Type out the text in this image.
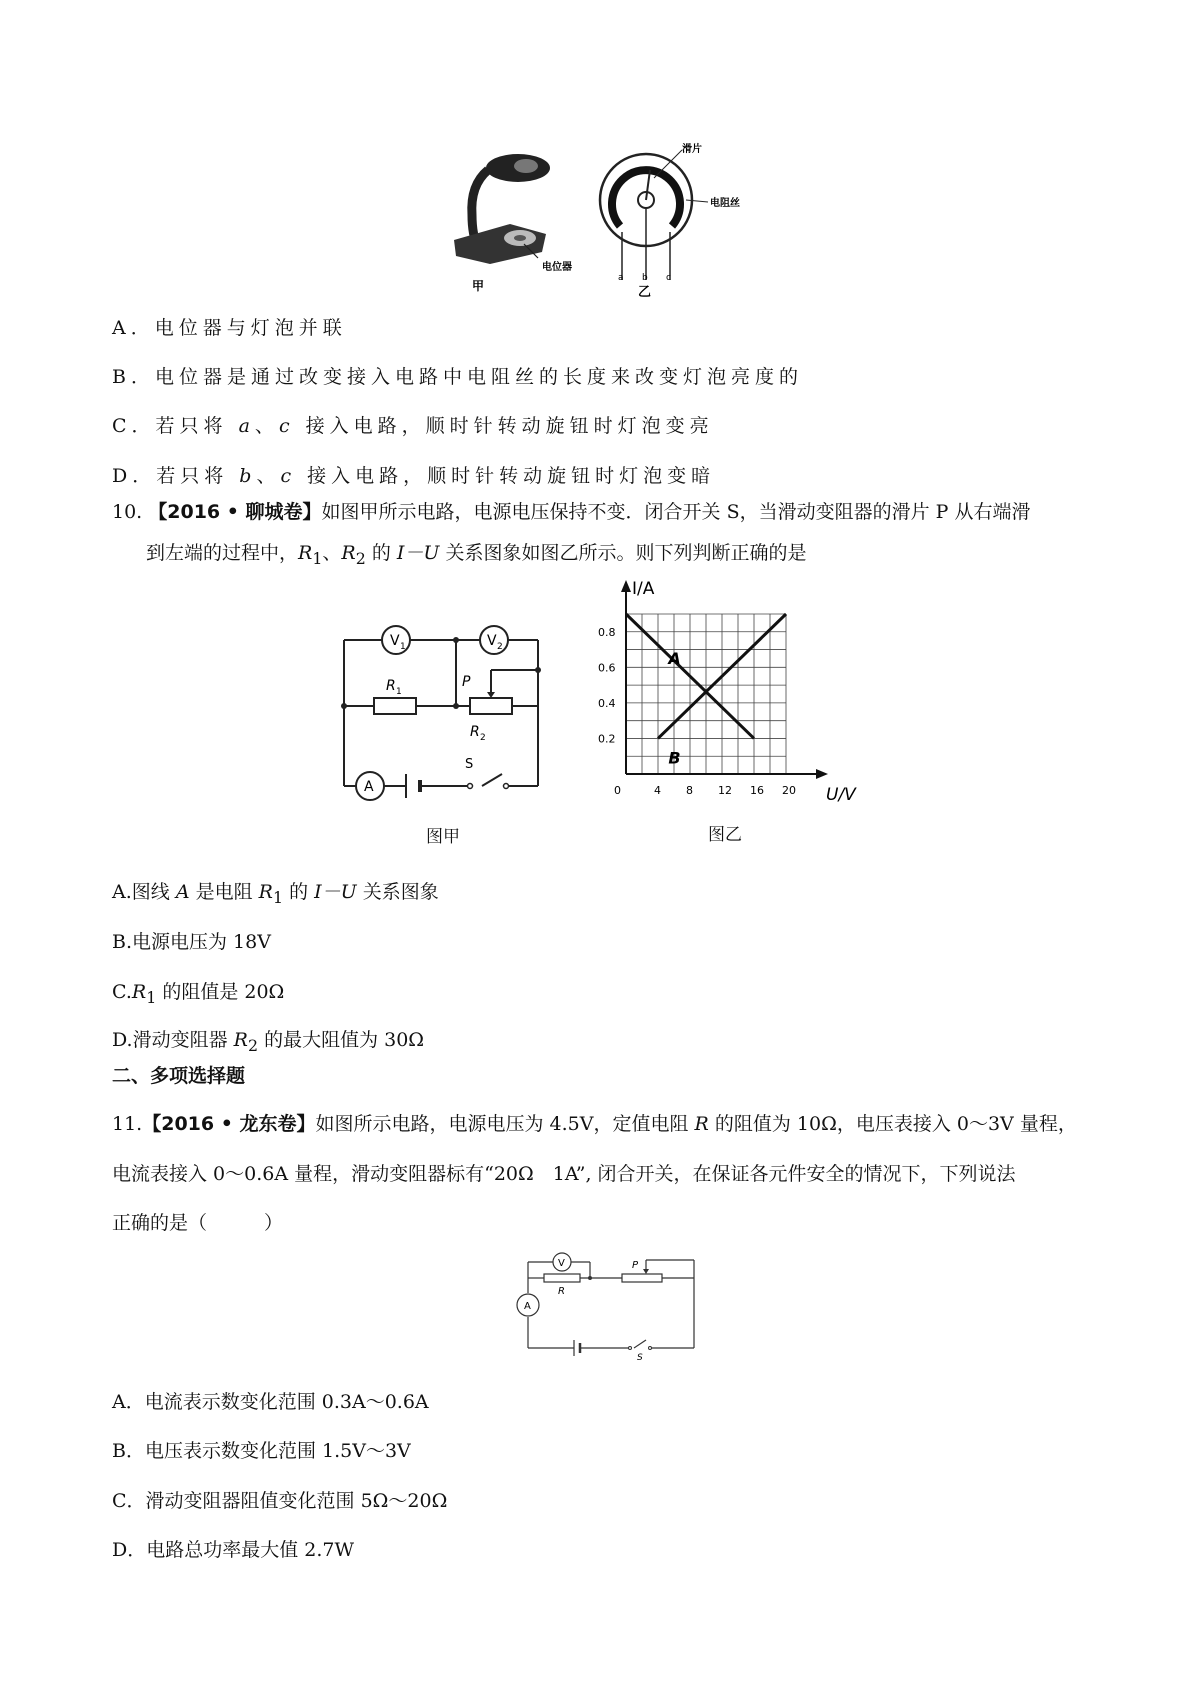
电位器
甲
滑片
电阻丝
a b c
乙
A．电位器与灯泡并联
B．电位器是通过改变接入电路中电阻丝的长度来改变灯泡亮度的
C．若只将 a、c 接入电路，顺时针转动旋钮时灯泡变亮
D．若只将 b、c 接入电路，顺时针转动旋钮时灯泡变暗
10. 【2016 • 聊城卷】如图甲所示电路，电源电压保持不变．闭合开关 S，当滑动变阻器的滑片 P 从右端滑
到左端的过程中，$R_1$、$R_2$ 的 I－U 关系图象如图乙所示。则下列判断正确的是
V 1	V 2
R 1
P
R 2
A
S
图甲
A
B
0	4 8 12 16 20
0.2
0.4
0.6
0.8
I/A
U/V
图乙
A.图线 A 是电阻 $R_1$ 的 I－U 关系图象
B.电源电压为 18V
$C.R_1$ 的阻值是 20Ω
D.滑动变阻器 $R_2$ 的最大阻值为 30Ω
二、多项选择题
11.【2016 • 龙东卷】如图所示电路，电源电压为 4.5V，定值电阻 R 的阻值为 10Ω，电压表接入 0～3V 量程，
电流表接入 0～0.6A 量程，滑动变阻器标有“20Ω　1A”, 闭合开关，在保证各元件安全的情况下，下列说法
正确的是（　　　）
V
A
R
P
S
A．电流表示数变化范围 0.3A～0.6A
B．电压表示数变化范围 1.5V～3V
C．滑动变阻器阻值变化范围 5Ω～20Ω
D．电路总功率最大值 2.7W
